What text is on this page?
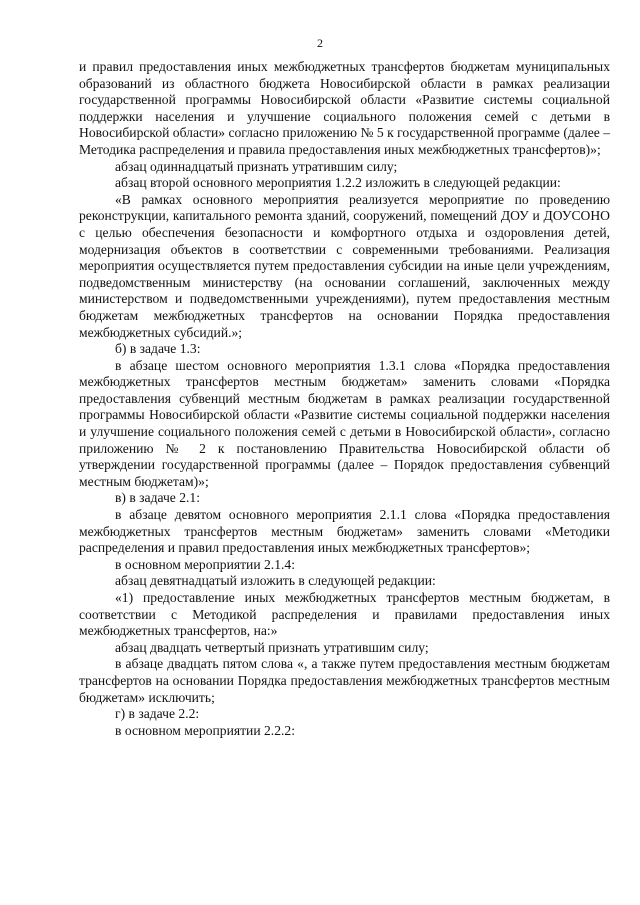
2

и правил предоставления иных межбюджетных трансфертов бюджетам муниципальных образований из областного бюджета Новосибирской области в рамках реализации государственной программы Новосибирской области «Развитие системы социальной поддержки населения и улучшение социального положения семей с детьми в Новосибирской области» согласно приложению № 5 к государственной программе (далее – Методика распределения и правила предоставления иных межбюджетных трансфертов)»;

абзац одиннадцатый признать утратившим силу;

абзац второй основного мероприятия 1.2.2 изложить в следующей редакции:

«В рамках основного мероприятия реализуется мероприятие по проведению реконструкции, капитального ремонта зданий, сооружений, помещений ДОУ и ДОУСОНО с целью обеспечения безопасности и комфортного отдыха и оздоровления детей, модернизация объектов в соответствии с современными требованиями. Реализация мероприятия осуществляется путем предоставления субсидии на иные цели учреждениям, подведомственным министерству (на основании соглашений, заключенных между министерством и подведомственными учреждениями), путем предоставления местным бюджетам межбюджетных трансфертов на основании Порядка предоставления межбюджетных субсидий.»;

б) в задаче 1.3:

в абзаце шестом основного мероприятия 1.3.1 слова «Порядка предоставления межбюджетных трансфертов местным бюджетам» заменить словами «Порядка предоставления субвенций местным бюджетам в рамках реализации государственной программы Новосибирской области «Развитие системы социальной поддержки населения и улучшение социального положения семей с детьми в Новосибирской области», согласно приложению № 2 к постановлению Правительства Новосибирской области об утверждении государственной программы (далее – Порядок предоставления субвенций местным бюджетам)»;

в) в задаче 2.1:

в абзаце девятом основного мероприятия 2.1.1 слова «Порядка предоставления межбюджетных трансфертов местным бюджетам» заменить словами «Методики распределения и правил предоставления иных межбюджетных трансфертов»;

в основном мероприятии 2.1.4:

абзац девятнадцатый изложить в следующей редакции:

«1) предоставление иных межбюджетных трансфертов местным бюджетам, в соответствии с Методикой распределения и правилами предоставления иных межбюджетных трансфертов, на:»

абзац двадцать четвертый признать утратившим силу;

в абзаце двадцать пятом слова «, а также путем предоставления местным бюджетам трансфертов на основании Порядка предоставления межбюджетных трансфертов местным бюджетам» исключить;

г) в задаче 2.2:

в основном мероприятии 2.2.2:
